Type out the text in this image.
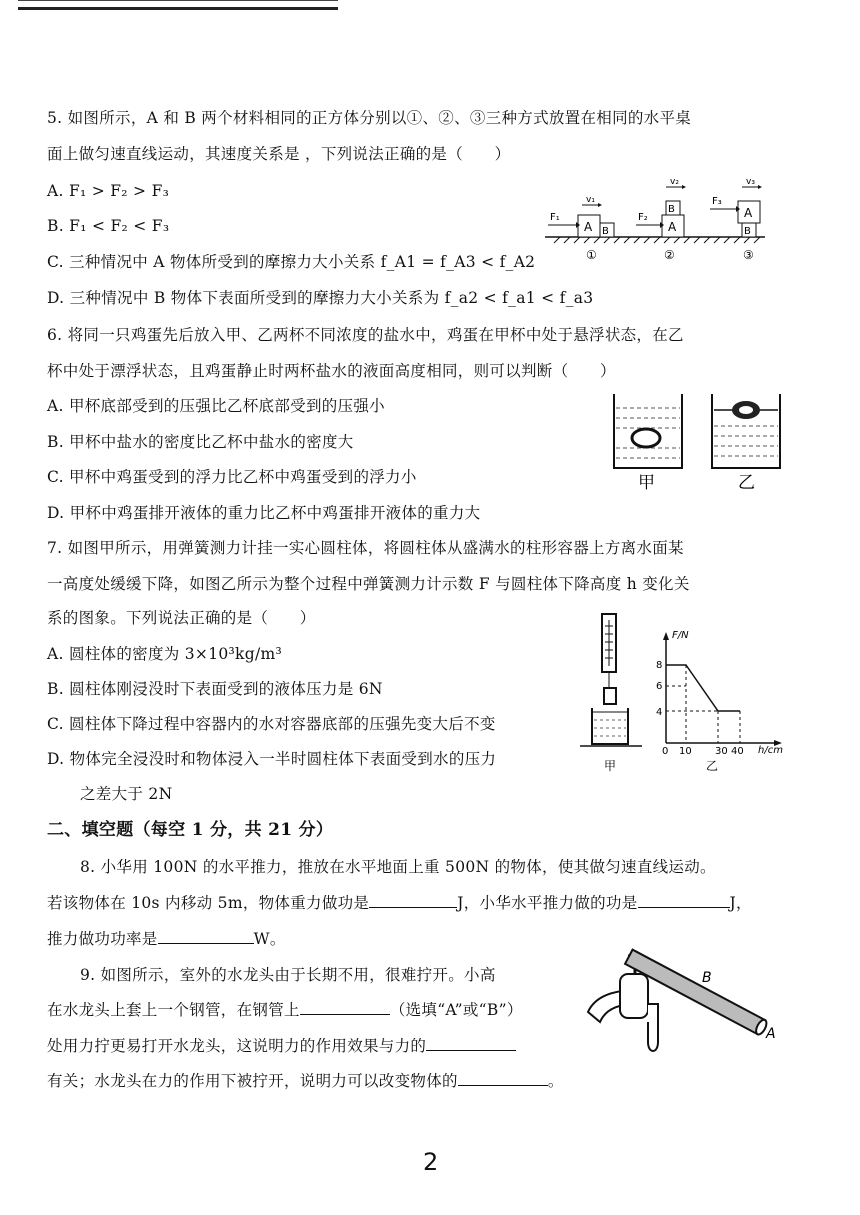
5. 如图所示，A 和 B 两个材料相同的正方体分别以①、②、③三种方式放置在相同的水平桌
面上做匀速直线运动，其速度关系是 ，下列说法正确的是（　　）
A. F₁ > F₂ > F₃
B. F₁ < F₂ < F₃
C. 三种情况中 A 物体所受到的摩擦力大小关系 f_A1 = f_A3 < f_A2
D. 三种情况中 B 物体下表面所受到的摩擦力大小关系为 f_a2 < f_a1 < f_a3
A B
F₁
v₁
①
A
B
F₂
v₂
②
A
B
F₃
v₃
③
6. 将同一只鸡蛋先后放入甲、乙两杯不同浓度的盐水中，鸡蛋在甲杯中处于悬浮状态，在乙
杯中处于漂浮状态，且鸡蛋静止时两杯盐水的液面高度相同，则可以判断（　　）
A. 甲杯底部受到的压强比乙杯底部受到的压强小
B. 甲杯中盐水的密度比乙杯中盐水的密度大
C. 甲杯中鸡蛋受到的浮力比乙杯中鸡蛋受到的浮力小
D. 甲杯中鸡蛋排开液体的重力比乙杯中鸡蛋排开液体的重力大
甲	乙
7. 如图甲所示，用弹簧测力计挂一实心圆柱体，将圆柱体从盛满水的柱形容器上方离水面某
一高度处缓缓下降，如图乙所示为整个过程中弹簧测力计示数 F 与圆柱体下降高度 h 变化关
系的图象。下列说法正确的是（　　）
A. 圆柱体的密度为 3×10³kg/m³
B. 圆柱体刚浸没时下表面受到的液体压力是 6N
C. 圆柱体下降过程中容器内的水对容器底部的压强先变大后不变
D. 物体完全浸没时和物体浸入一半时圆柱体下表面受到水的压力
之差大于 2N
甲
F/N
h/cm
8
6
4
0 10 30 40
乙
二、填空题（每空 1 分，共 21 分）
8. 小华用 100N 的水平推力，推放在水平地面上重 500N 的物体，使其做匀速直线运动。
若该物体在 10s 内移动 5m，物体重力做功是	J，小华水平推力做的功是	J，
推力做功功率是	W。
9. 如图所示，室外的水龙头由于长期不用，很难拧开。小高
在水龙头上套上一个钢管，在钢管上	（选填“A”或“B”）
处用力拧更易打开水龙头，这说明力的作用效果与力的
有关；水龙头在力的作用下被拧开，说明力可以改变物体的	。
B
A
2
